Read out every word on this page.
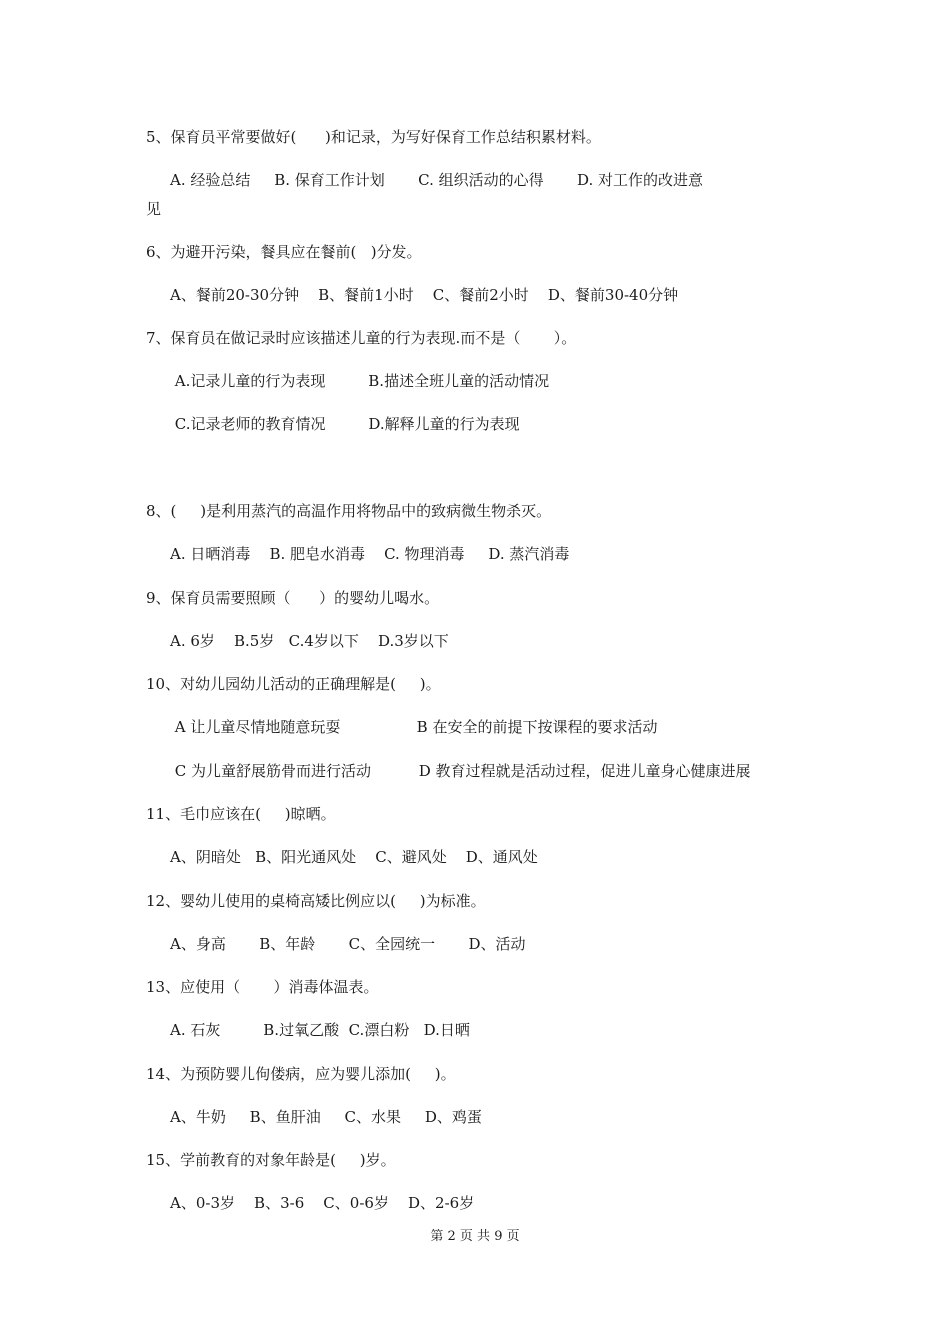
5、保育员平常要做好(      )和记录，为写好保育工作总结积累材料。

A. 经验总结     B. 保育工作计划       C. 组织活动的心得       D. 对工作的改进意

见

6、为避开污染，餐具应在餐前(   )分发。

A、餐前20-30分钟    B、餐前1小时    C、餐前2小时    D、餐前30-40分钟

7、保育员在做记录时应该描述儿童的行为表现.而不是（       ）。

A.记录儿童的行为表现         B.描述全班儿童的活动情况

C.记录老师的教育情况         D.解释儿童的行为表现

8、(     )是利用蒸汽的高温作用将物品中的致病微生物杀灭。

A. 日晒消毒    B. 肥皂水消毒    C. 物理消毒     D. 蒸汽消毒

9、保育员需要照顾（      ）的婴幼儿喝水。

A. 6岁    B.5岁   C.4岁以下    D.3岁以下

10、对幼儿园幼儿活动的正确理解是(     )。

A 让儿童尽情地随意玩耍                B 在安全的前提下按课程的要求活动

C 为儿童舒展筋骨而进行活动          D 教育过程就是活动过程，促进儿童身心健康进展

11、毛巾应该在(     )晾晒。

A、阴暗处   B、阳光通风处    C、避风处    D、通风处

12、婴幼儿使用的桌椅高矮比例应以(     )为标准。

A、身高       B、年龄       C、全园统一       D、活动

13、应使用（       ）消毒体温表。

A. 石灰         B.过氧乙酸  C.漂白粉   D.日晒

14、为预防婴儿佝偻病，应为婴儿添加(     )。

A、牛奶     B、鱼肝油     C、水果     D、鸡蛋

15、学前教育的对象年龄是(     )岁。

A、0-3岁    B、3-6    C、0-6岁    D、2-6岁

第 2 页 共 9 页
